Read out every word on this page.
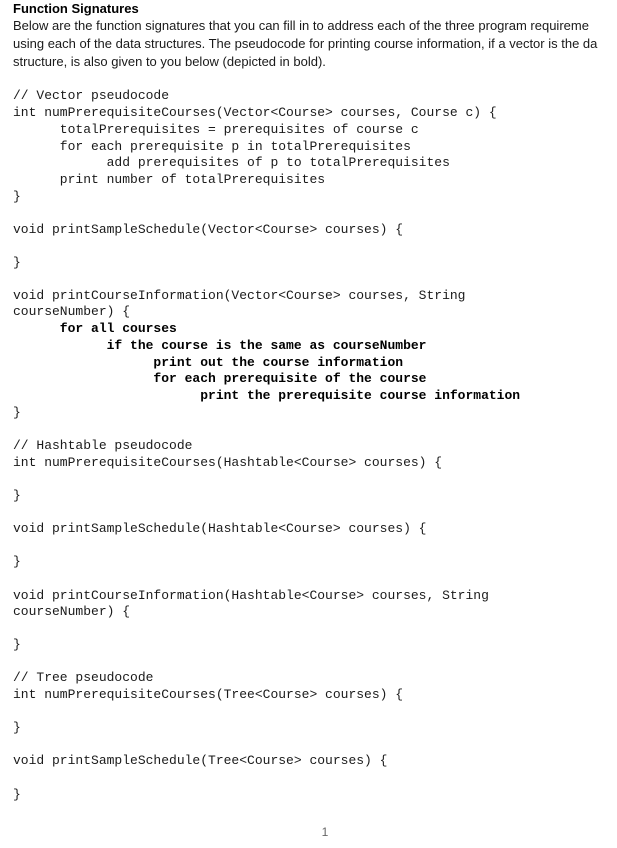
Function Signatures
Below are the function signatures that you can fill in to address each of the three program requireme
using each of the data structures. The pseudocode for printing course information, if a vector is the da
structure, is also given to you below (depicted in bold).
// Vector pseudocode
int numPrerequisiteCourses(Vector<Course> courses, Course c) {
totalPrerequisites = prerequisites of course c
for each prerequisite p in totalPrerequisites
add prerequisites of p to totalPrerequisites
print number of totalPrerequisites
}
void printSampleSchedule(Vector<Course> courses) {
}
void printCourseInformation(Vector<Course> courses, String
courseNumber) {
for all courses
if the course is the same as courseNumber
print out the course information
for each prerequisite of the course
print the prerequisite course information
}
// Hashtable pseudocode
int numPrerequisiteCourses(Hashtable<Course> courses) {
}
void printSampleSchedule(Hashtable<Course> courses) {
}
void printCourseInformation(Hashtable<Course> courses, String
courseNumber) {
}
// Tree pseudocode
int numPrerequisiteCourses(Tree<Course> courses) {
}
void printSampleSchedule(Tree<Course> courses) {
}
1
